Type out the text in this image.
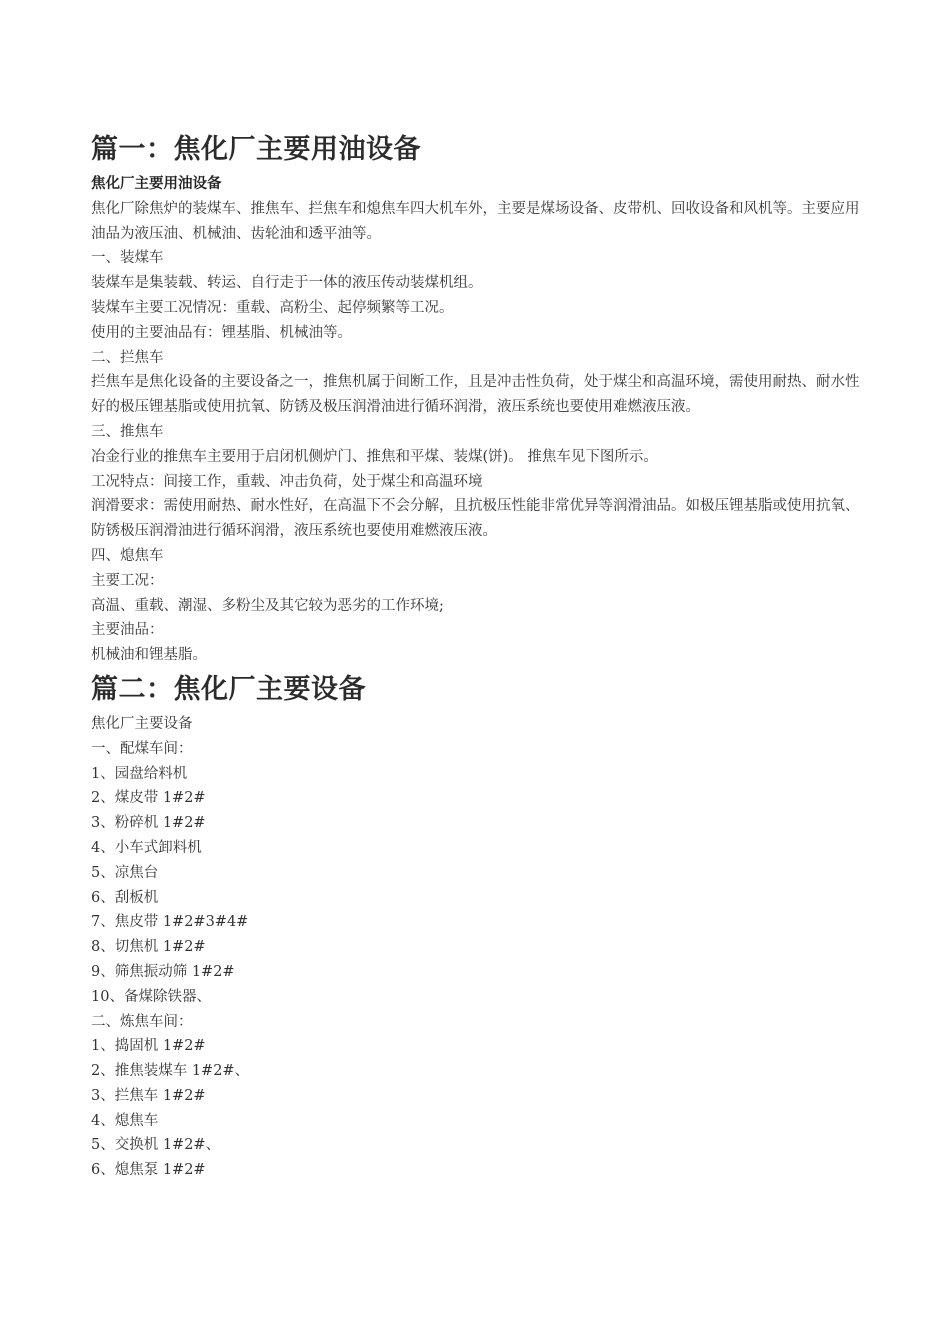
篇一：焦化厂主要用油设备

焦化厂主要用油设备

焦化厂除焦炉的装煤车、推焦车、拦焦车和熄焦车四大机车外，主要是煤场设备、皮带机、回收设备和风机等。主要应用油品为液压油、机械油、齿轮油和透平油等。

一、装煤车

装煤车是集装载、转运、自行走于一体的液压传动装煤机组。

装煤车主要工况情况：重载、高粉尘、起停频繁等工况。

使用的主要油品有：锂基脂、机械油等。

二、拦焦车

拦焦车是焦化设备的主要设备之一，推焦机属于间断工作，且是冲击性负荷，处于煤尘和高温环境，需使用耐热、耐水性好的极压锂基脂或使用抗氧、防锈及极压润滑油进行循环润滑，液压系统也要使用难燃液压液。

三、推焦车

冶金行业的推焦车主要用于启闭机侧炉门、推焦和平煤、装煤(饼)。 推焦车见下图所示。

工况特点：间接工作，重载、冲击负荷，处于煤尘和高温环境

润滑要求：需使用耐热、耐水性好，在高温下不会分解，且抗极压性能非常优异等润滑油品。如极压锂基脂或使用抗氧、防锈极压润滑油进行循环润滑，液压系统也要使用难燃液压液。

四、熄焦车

主要工况：

高温、重载、潮湿、多粉尘及其它较为恶劣的工作环境;

主要油品：

机械油和锂基脂。

篇二：焦化厂主要设备

焦化厂主要设备

一、配煤车间：

1、园盘给料机

2、煤皮带 1#2#

3、粉碎机 1#2#

4、小车式卸料机

5、凉焦台

6、刮板机

7、焦皮带 1#2#3#4#

8、切焦机 1#2#

9、筛焦振动筛 1#2#

10、备煤除铁器、

二、炼焦车间：

1、捣固机 1#2#

2、推焦装煤车 1#2#、

3、拦焦车 1#2#

4、熄焦车

5、交换机 1#2#、

6、熄焦泵 1#2#
